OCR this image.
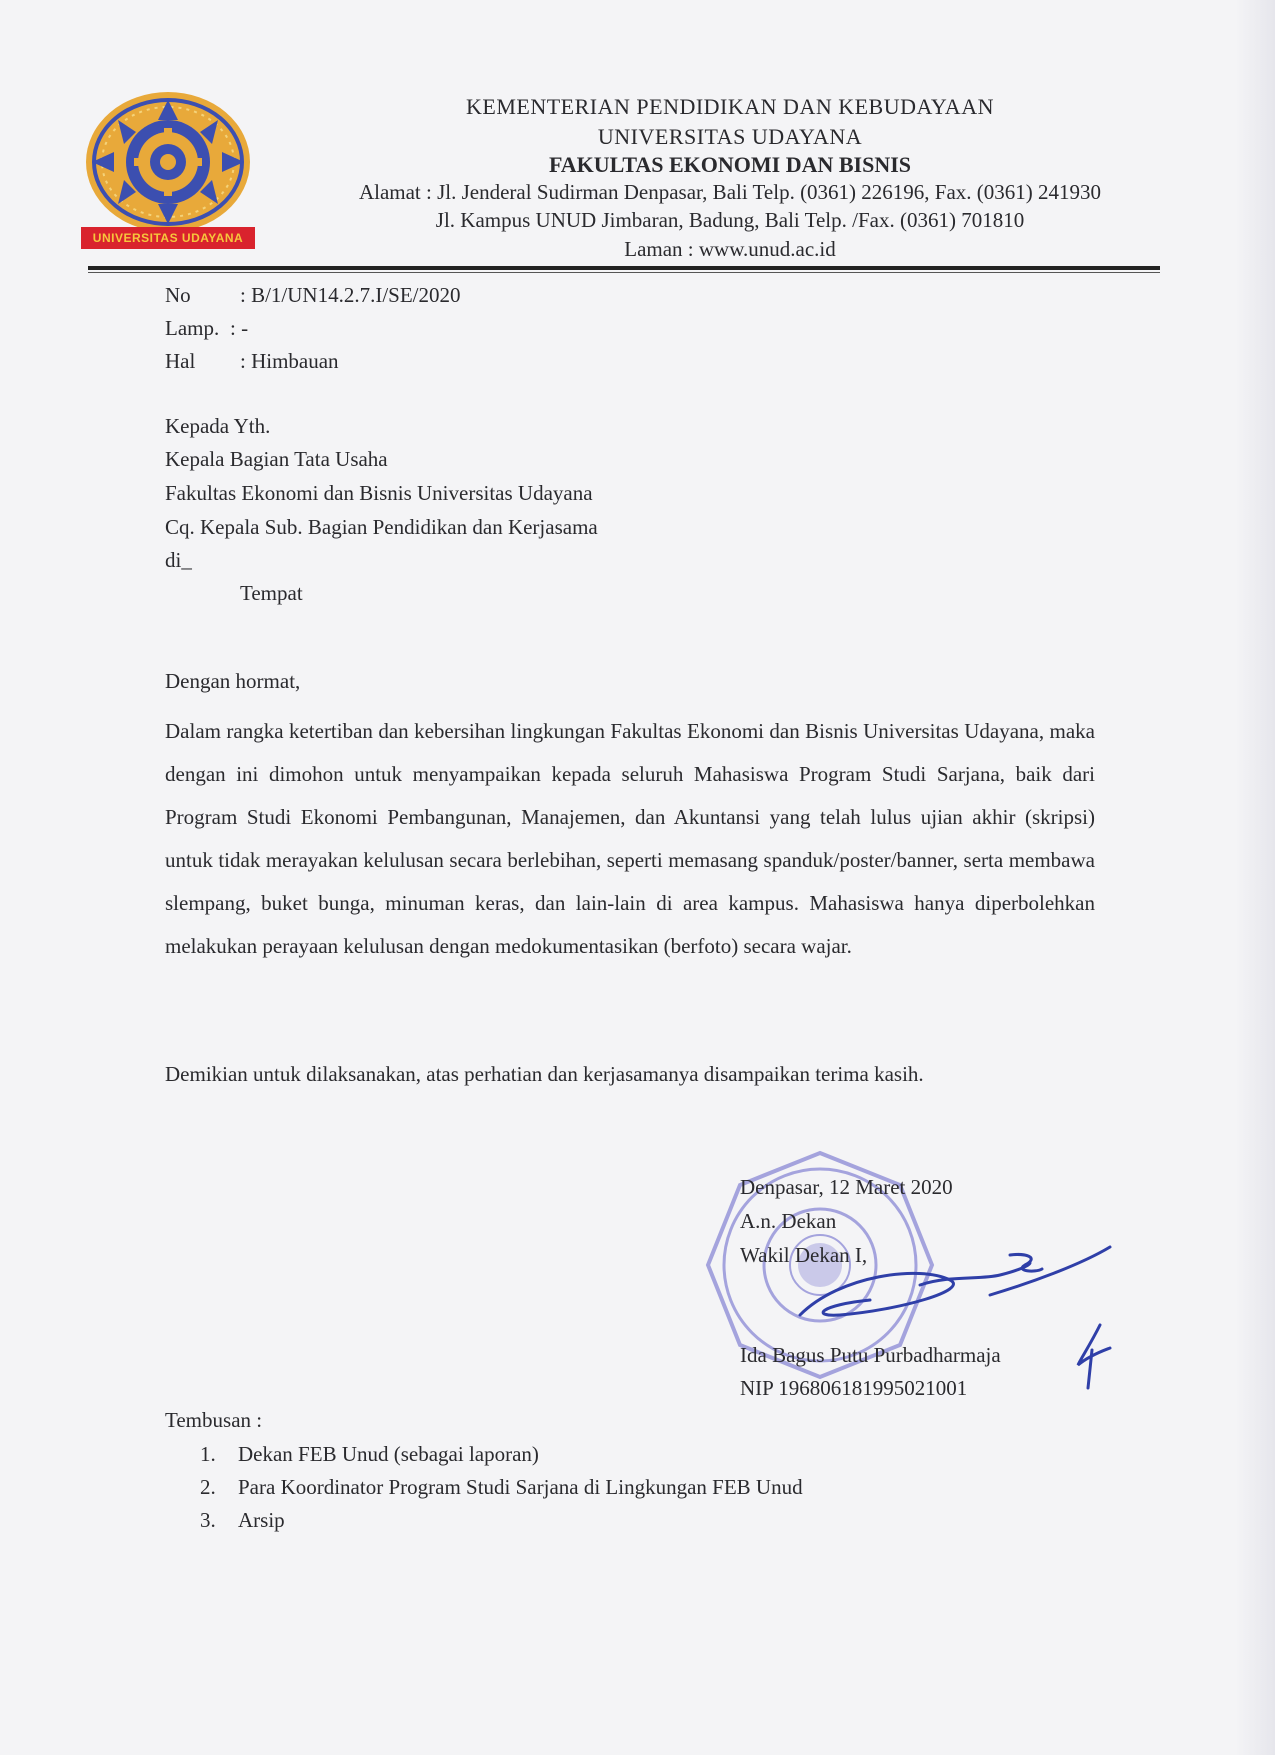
UNIVERSITAS UDAYANA
KEMENTERIAN PENDIDIKAN DAN KEBUDAYAAN
UNIVERSITAS UDAYANA
FAKULTAS EKONOMI DAN BISNIS
Alamat : Jl. Jenderal Sudirman Denpasar, Bali Telp. (0361) 226196, Fax. (0361) 241930
Jl. Kampus UNUD Jimbaran, Badung, Bali Telp. /Fax. (0361) 701810
Laman : www.unud.ac.id
No : B/1/UN14.2.7.I/SE/2020
Lamp. : -
Hal : Himbauan
Kepada Yth.
Kepala Bagian Tata Usaha
Fakultas Ekonomi dan Bisnis Universitas Udayana
Cq. Kepala Sub. Bagian Pendidikan dan Kerjasama
di_
Tempat
Dengan hormat,
Dalam rangka ketertiban dan kebersihan lingkungan Fakultas Ekonomi dan Bisnis Universitas Udayana, maka dengan ini dimohon untuk menyampaikan kepada seluruh Mahasiswa Program Studi Sarjana, baik dari Program Studi Ekonomi Pembangunan, Manajemen, dan Akuntansi yang telah lulus ujian akhir (skripsi) untuk tidak merayakan kelulusan secara berlebihan, seperti memasang spanduk/poster/banner, serta membawa slempang, buket bunga, minuman keras, dan lain-lain di area kampus. Mahasiswa hanya diperbolehkan melakukan perayaan kelulusan dengan medokumentasikan (berfoto) secara wajar.
Demikian untuk dilaksanakan, atas perhatian dan kerjasamanya disampaikan terima kasih.
Denpasar, 12 Maret 2020
A.n. Dekan
Wakil Dekan I,
Ida Bagus Putu Purbadharmaja
NIP 196806181995021001
Tembusan :
1. Dekan FEB Unud (sebagai laporan)
2. Para Koordinator Program Studi Sarjana di Lingkungan FEB Unud
3. Arsip
